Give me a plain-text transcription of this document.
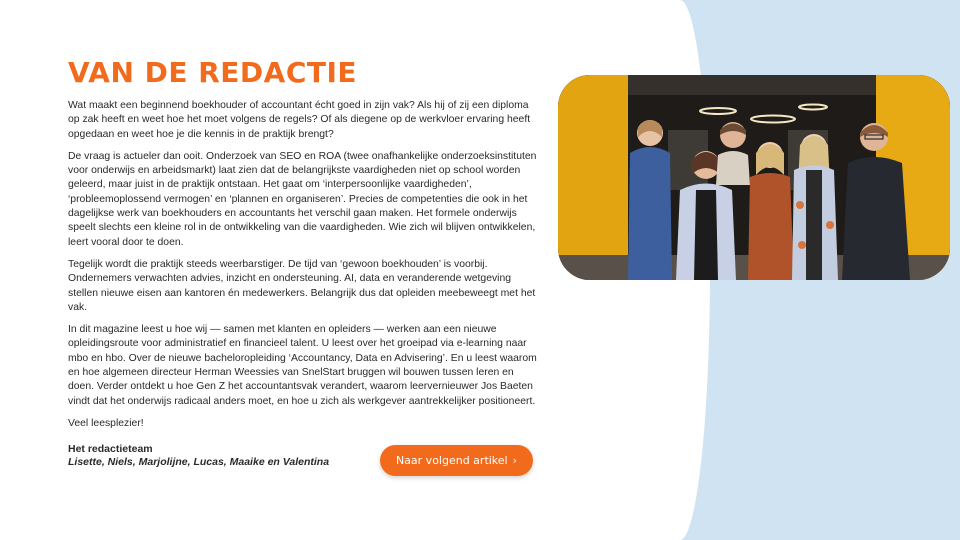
VAN DE REDACTIE

Wat maakt een beginnend boekhouder of accountant écht goed in zijn vak? Als hij of zij een diploma op zak heeft en weet hoe het moet volgens de regels? Of als diegene op de werkvloer ervaring heeft opgedaan en weet hoe je die kennis in de praktijk brengt?

De vraag is actueler dan ooit. Onderzoek van SEO en ROA (twee onafhankelijke onderzoeksinstituten voor onderwijs en arbeidsmarkt) laat zien dat de belangrijkste vaardigheden niet op school worden geleerd, maar juist in de praktijk ontstaan. Het gaat om ‘interpersoonlijke vaardigheden’, ‘probleemoplossend vermogen’ en ‘plannen en organiseren’. Precies de competenties die ook in het dagelijkse werk van boekhouders en accountants het verschil gaan maken. Het formele onderwijs speelt slechts een kleine rol in de ontwikkeling van die vaardigheden. Wie zich wil blijven ontwikkelen, leert vooral door te doen.

Tegelijk wordt die praktijk steeds weerbarstiger. De tijd van ‘gewoon boekhouden’ is voorbij. Ondernemers verwachten advies, inzicht en ondersteuning. AI, data en veranderende wetgeving stellen nieuwe eisen aan kantoren én medewerkers. Belangrijk dus dat opleiden meebeweegt met het vak.

In dit magazine leest u hoe wij — samen met klanten en opleiders — werken aan een nieuwe opleidingsroute voor administratief en financieel talent. U leest over het groeipad via e-learning naar mbo en hbo. Over de nieuwe bacheloropleiding ‘Accountancy, Data en Advisering’. En u leest waarom en hoe algemeen directeur Herman Weessies van SnelStart bruggen wil bouwen tussen leren en doen. Verder ontdekt u hoe Gen Z het accountantsvak verandert, waarom leervernieuwer Jos Baeten vindt dat het onderwijs radicaal anders moet, en hoe u zich als werkgever aantrekkelijker positioneert.

Veel leesplezier!

Het redactieteam

Lisette, Niels, Marjolijne, Lucas, Maaike en Valentina	Naar volgend artikel ›
